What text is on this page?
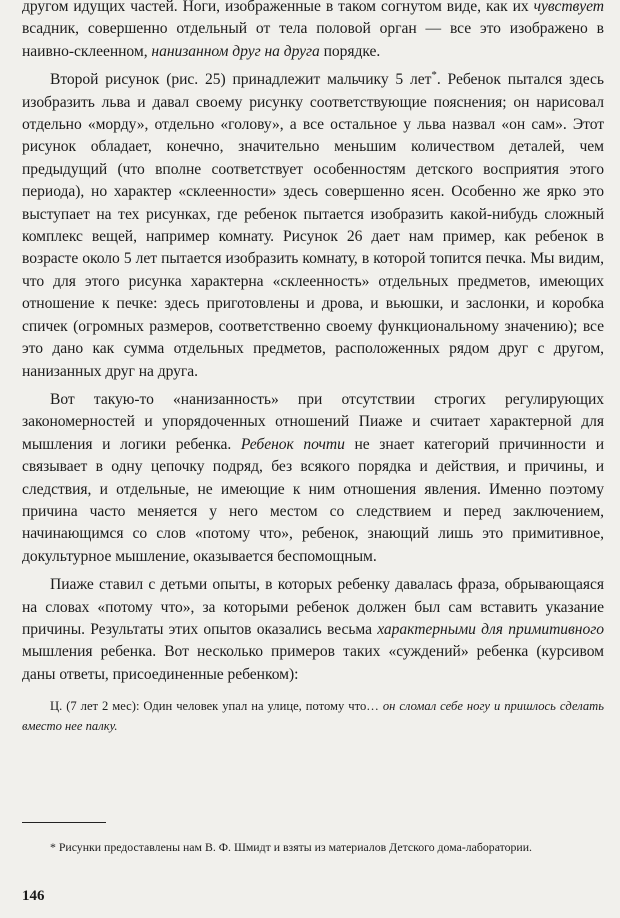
другом идущих частей. Ноги, изображенные в таком согнутом виде, как их чувствует всадник, совершенно отдельный от тела половой орган — все это изображено в наивно-склеенном, нанизанном друг на друга порядке.

Второй рисунок (рис. 25) принадлежит мальчику 5 лет*. Ребенок пытался здесь изобразить льва и давал своему рисунку соответствующие пояснения; он нарисовал отдельно «морду», отдельно «голову», а все остальное у льва назвал «он сам». Этот рисунок обладает, конечно, значительно меньшим количеством деталей, чем предыдущий (что вполне соответствует особенностям детского восприятия этого периода), но характер «склеенности» здесь совершенно ясен. Особенно же ярко это выступает на тех рисунках, где ребенок пытается изобразить какой-нибудь сложный комплекс вещей, например комнату. Рисунок 26 дает нам пример, как ребенок в возрасте около 5 лет пытается изобразить комнату, в которой топится печка. Мы видим, что для этого рисунка характерна «склеенность» отдельных предметов, имеющих отношение к печке: здесь приготовлены и дрова, и вьюшки, и заслонки, и коробка спичек (огромных размеров, соответственно своему функциональному значению); все это дано как сумма отдельных предметов, расположенных рядом друг с другом, нанизанных друг на друга.

Вот такую-то «нанизанность» при отсутствии строгих регулирующих закономерностей и упорядоченных отношений Пиаже и считает характерной для мышления и логики ребенка. Ребенок почти не знает категорий причинности и связывает в одну цепочку подряд, без всякого порядка и действия, и причины, и следствия, и отдельные, не имеющие к ним отношения явления. Именно поэтому причина часто меняется у него местом со следствием и перед заключением, начинающимся со слов «потому что», ребенок, знающий лишь это примитивное, докультурное мышление, оказывается беспомощным.

Пиаже ставил с детьми опыты, в которых ребенку давалась фраза, обрывающаяся на словах «потому что», за которыми ребенок должен был сам вставить указание причины. Результаты этих опытов оказались весьма характерными для примитивного мышления ребенка. Вот несколько примеров таких «суждений» ребенка (курсивом даны ответы, присоединенные ребенком):

Ц. (7 лет 2 мес): Один человек упал на улице, потому что… он сломал себе ногу и пришлось сделать вместо нее палку.
* Рисунки предоставлены нам В. Ф. Шмидт и взяты из материалов Детского дома-лаборатории.
146
